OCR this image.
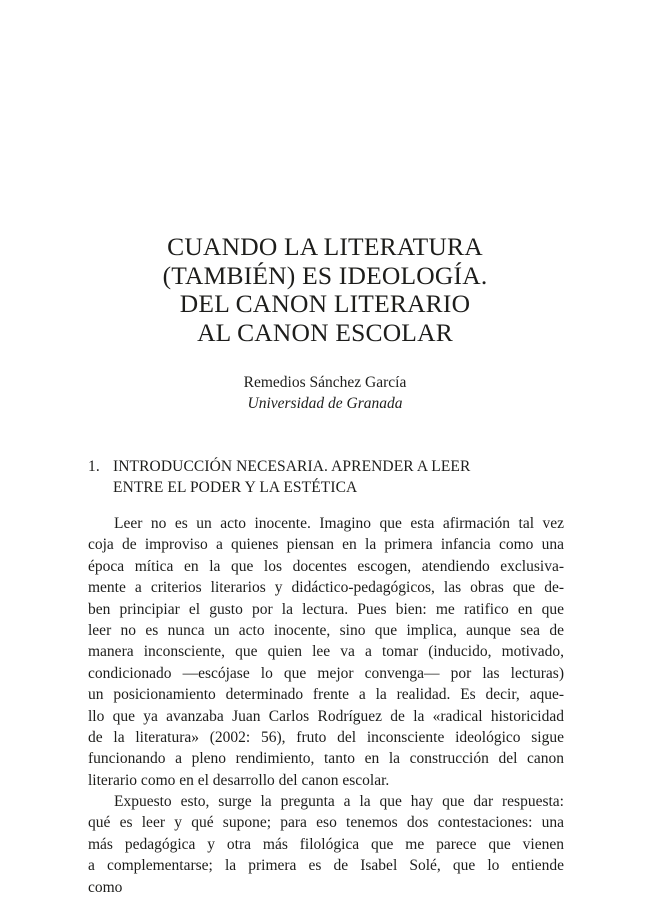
CUANDO LA LITERATURA
(TAMBIÉN) ES IDEOLOGÍA.
DEL CANON LITERARIO
AL CANON ESCOLAR
Remedios Sánchez García
Universidad de Granada
1. INTRODUCCIÓN NECESARIA. APRENDER A LEER
ENTRE EL PODER Y LA ESTÉTICA
Leer no es un acto inocente. Imagino que esta afirmación tal vez
coja de improviso a quienes piensan en la primera infancia como una
época mítica en la que los docentes escogen, atendiendo exclusiva-
mente a criterios literarios y didáctico-pedagógicos, las obras que de-
ben principiar el gusto por la lectura. Pues bien: me ratifico en que
leer no es nunca un acto inocente, sino que implica, aunque sea de
manera inconsciente, que quien lee va a tomar (inducido, motivado,
condicionado —escójase lo que mejor convenga— por las lecturas)
un posicionamiento determinado frente a la realidad. Es decir, aque-
llo que ya avanzaba Juan Carlos Rodríguez de la «radical historicidad
de la literatura» (2002: 56), fruto del inconsciente ideológico sigue
funcionando a pleno rendimiento, tanto en la construcción del canon
literario como en el desarrollo del canon escolar.
Expuesto esto, surge la pregunta a la que hay que dar respuesta:
qué es leer y qué supone; para eso tenemos dos contestaciones: una
más pedagógica y otra más filológica que me parece que vienen
a complementarse; la primera es de Isabel Solé, que lo entiende
como
